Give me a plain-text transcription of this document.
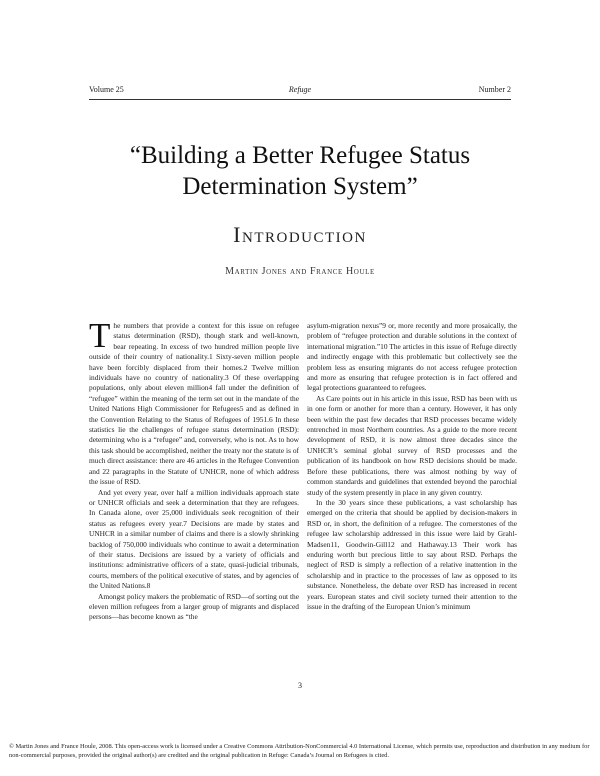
Volume 25	Refuge	Number 2
“Building a Better Refugee Status
Determination System”
Introduction
Martin Jones and France Houle

The numbers that provide a context for this issue on refugee status determination (RSD), though stark and well-known, bear repeating. In excess of two hundred million people live outside of their country of nationality.1 Sixty-seven million people have been forcibly displaced from their homes.2 Twelve million individuals have no country of nationality.3 Of these overlapping populations, only about eleven million4 fall under the definition of “refugee” within the meaning of the term set out in the mandate of the United Nations High Commissioner for Refugees5 and as defined in the Convention Relating to the Status of Refugees of 1951.6 In these statistics lie the challenges of refugee status determination (RSD): determining who is a “refugee” and, conversely, who is not. As to how this task should be accomplished, neither the treaty nor the statute is of much direct assistance: there are 46 articles in the Refugee Convention and 22 paragraphs in the Statute of UNHCR, none of which address the issue of RSD.

And yet every year, over half a million individuals approach state or UNHCR officials and seek a determination that they are refugees. In Canada alone, over 25,000 individuals seek recognition of their status as refugees every year.7 Decisions are made by states and UNHCR in a similar number of claims and there is a slowly shrinking backlog of 750,000 individuals who continue to await a determination of their status. Decisions are issued by a variety of officials and institutions: administrative officers of a state, quasi-judicial tribunals, courts, members of the political executive of states, and by agencies of the United Nations.8

Amongst policy makers the problematic of RSD—of sorting out the eleven million refugees from a larger group of migrants and displaced persons—has become known as “the

asylum-migration nexus”9 or, more recently and more prosaically, the problem of “refugee protection and durable solutions in the context of international migration.”10 The articles in this issue of Refuge directly and indirectly engage with this problematic but collectively see the problem less as ensuring migrants do not access refugee protection and more as ensuring that refugee protection is in fact offered and legal protections guaranteed to refugees.

As Care points out in his article in this issue, RSD has been with us in one form or another for more than a century. However, it has only been within the past few decades that RSD processes became widely entrenched in most Northern countries. As a guide to the more recent development of RSD, it is now almost three decades since the UNHCR’s seminal global survey of RSD processes and the publication of its handbook on how RSD decisions should be made. Before these publications, there was almost nothing by way of common standards and guidelines that extended beyond the parochial study of the system presently in place in any given country.

In the 30 years since these publications, a vast scholarship has emerged on the criteria that should be applied by decision-makers in RSD or, in short, the definition of a refugee. The cornerstones of the refugee law scholarship addressed in this issue were laid by Grahl-Madsen11, Goodwin-Gill12 and Hathaway.13 Their work has enduring worth but precious little to say about RSD. Perhaps the neglect of RSD is simply a reflection of a relative inattention in the scholarship and in practice to the processes of law as opposed to its substance. Nonetheless, the debate over RSD has increased in recent years. European states and civil society turned their attention to the issue in the drafting of the European Union’s minimum

3
© Martin Jones and France Houle, 2008. This open-access work is licensed under a Creative Commons Attribution-NonCommercial 4.0 International License, which permits use, reproduction and distribution in any medium for non-commercial purposes, provided the original author(s) are credited and the original publication in Refuge: Canada’s Journal on Refugees is cited.
